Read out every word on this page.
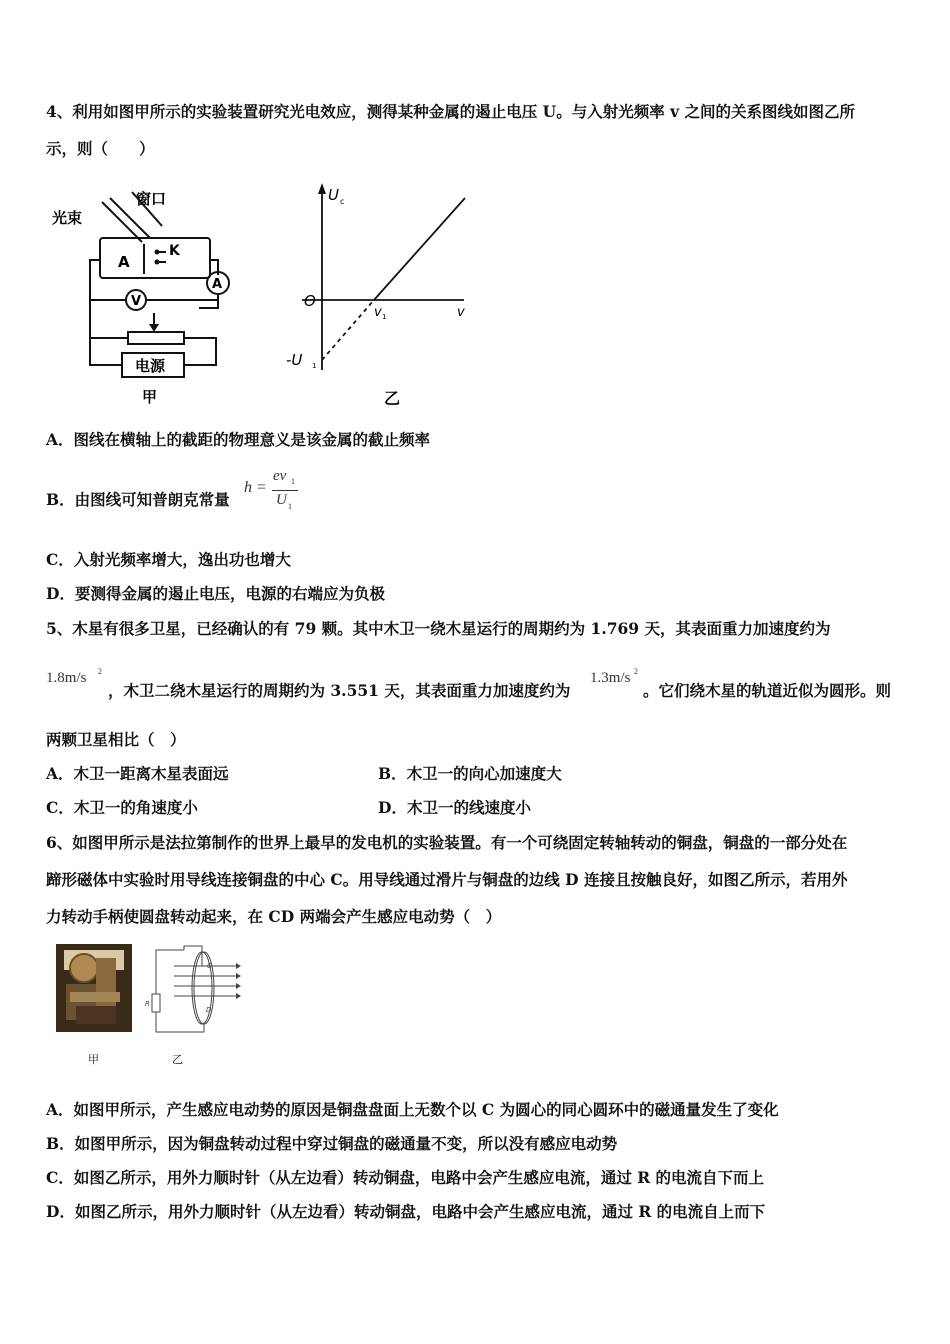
4、利用如图甲所示的实验装置研究光电效应，测得某种金属的遏止电压 U。与入射光频率 v 之间的关系图线如图乙所
示，则（　　）
光束
窗口
A
K
A
V
电源
甲
U c
O
v 1	v
-U 1
乙
A．图线在横轴上的截距的物理意义是该金属的截止频率
B．由图线可知普朗克常量
h =
ev 1
U 1
C．入射光频率增大，逸出功也增大
D．要测得金属的遏止电压，电源的右端应为负极
5、木星有很多卫星，已经确认的有 79 颗。其中木卫一绕木星运行的周期约为 1.769 天，其表面重力加速度约为
1.8m/s 2
，木卫二绕木星运行的周期约为 3.551 天，其表面重力加速度约为
1.3m/s 2
。它们绕木星的轨道近似为圆形。则
两颗卫星相比（　）
A．木卫一距离木星表面远	B．木卫一的向心加速度大
C．木卫一的角速度小	D．木卫一的线速度小
6、如图甲所示是法拉第制作的世界上最早的发电机的实验装置。有一个可绕固定转轴转动的铜盘，铜盘的一部分处在
蹄形磁体中实验时用导线连接铜盘的中心 C。用导线通过滑片与铜盘的边线 D 连接且按触良好，如图乙所示，若用外
力转动手柄使圆盘转动起来，在 CD 两端会产生感应电动势（　）
甲
R
C
D
乙
A．如图甲所示，产生感应电动势的原因是铜盘盘面上无数个以 C 为圆心的同心圆环中的磁通量发生了变化
B．如图甲所示，因为铜盘转动过程中穿过铜盘的磁通量不变，所以没有感应电动势
C．如图乙所示，用外力顺时针（从左边看）转动铜盘，电路中会产生感应电流，通过 R 的电流自下而上
D．如图乙所示，用外力顺时针（从左边看）转动铜盘，电路中会产生感应电流，通过 R 的电流自上而下
